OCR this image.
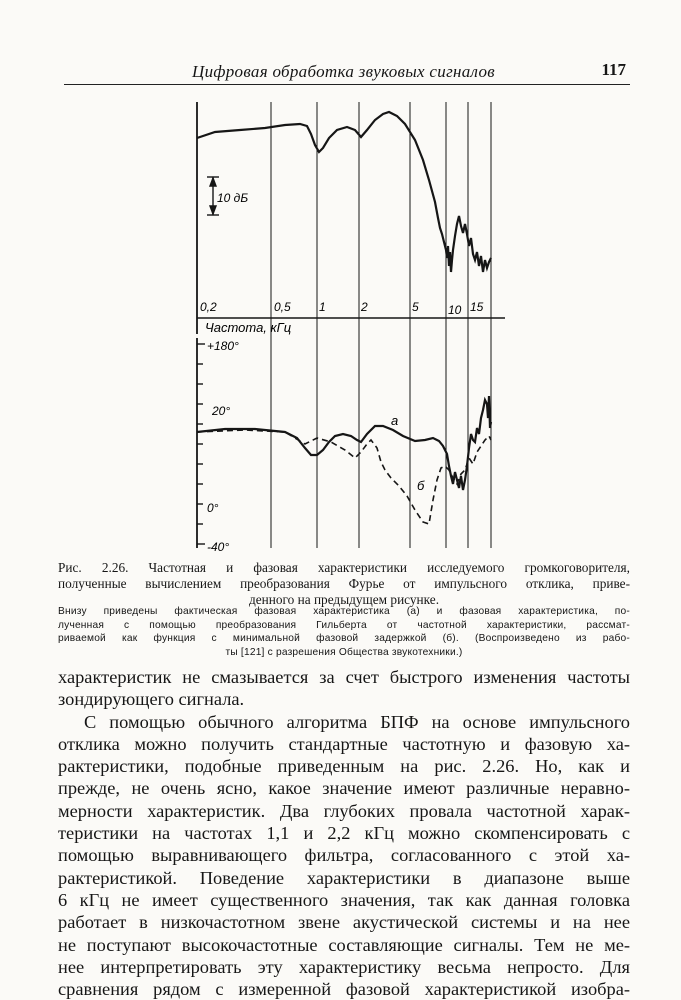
Цифровая обработка звуковых сигналов	117
10 дБ
0,2	0,5 1	2	5 10 15
Частота, кГц
+180°
20°
0°
-40°
а
б
Рис. 2.26. Частотная и фазовая характеристики исследуемого громкоговорителя,
полученные вычислением преобразования Фурье от импульсного отклика, приве-
денного на предыдущем рисунке.
Внизу приведены фактическая фазовая характеристика (а) и фазовая характеристика, по-
лученная с помощью преобразования Гильберта от частотной характеристики, рассмат-
риваемой как функция с минимальной фазовой задержкой (б). (Воспроизведено из рабо-
ты [121] с разрешения Общества звукотехники.)

характеристик не смазывается за счет быстрого изменения частоты
зондирующего сигнала.

С помощью обычного алгоритма БПФ на основе импульсного
отклика можно получить стандартные частотную и фазовую ха-
рактеристики, подобные приведенным на рис. 2.26. Но, как и
прежде, не очень ясно, какое значение имеют различные неравно-
мерности характеристик. Два глубоких провала частотной харак-
теристики на частотах 1,1 и 2,2 кГц можно скомпенсировать с
помощью выравнивающего фильтра, согласованного с этой ха-
рактеристикой. Поведение характеристики в диапазоне выше
6 кГц не имеет существенного значения, так как данная головка
работает в низкочастотном звене акустической системы и на нее
не поступают высокочастотные составляющие сигналы. Тем не ме-
нее интерпретировать эту характеристику весьма непросто. Для
сравнения рядом с измеренной фазовой характеристикой изобра-
